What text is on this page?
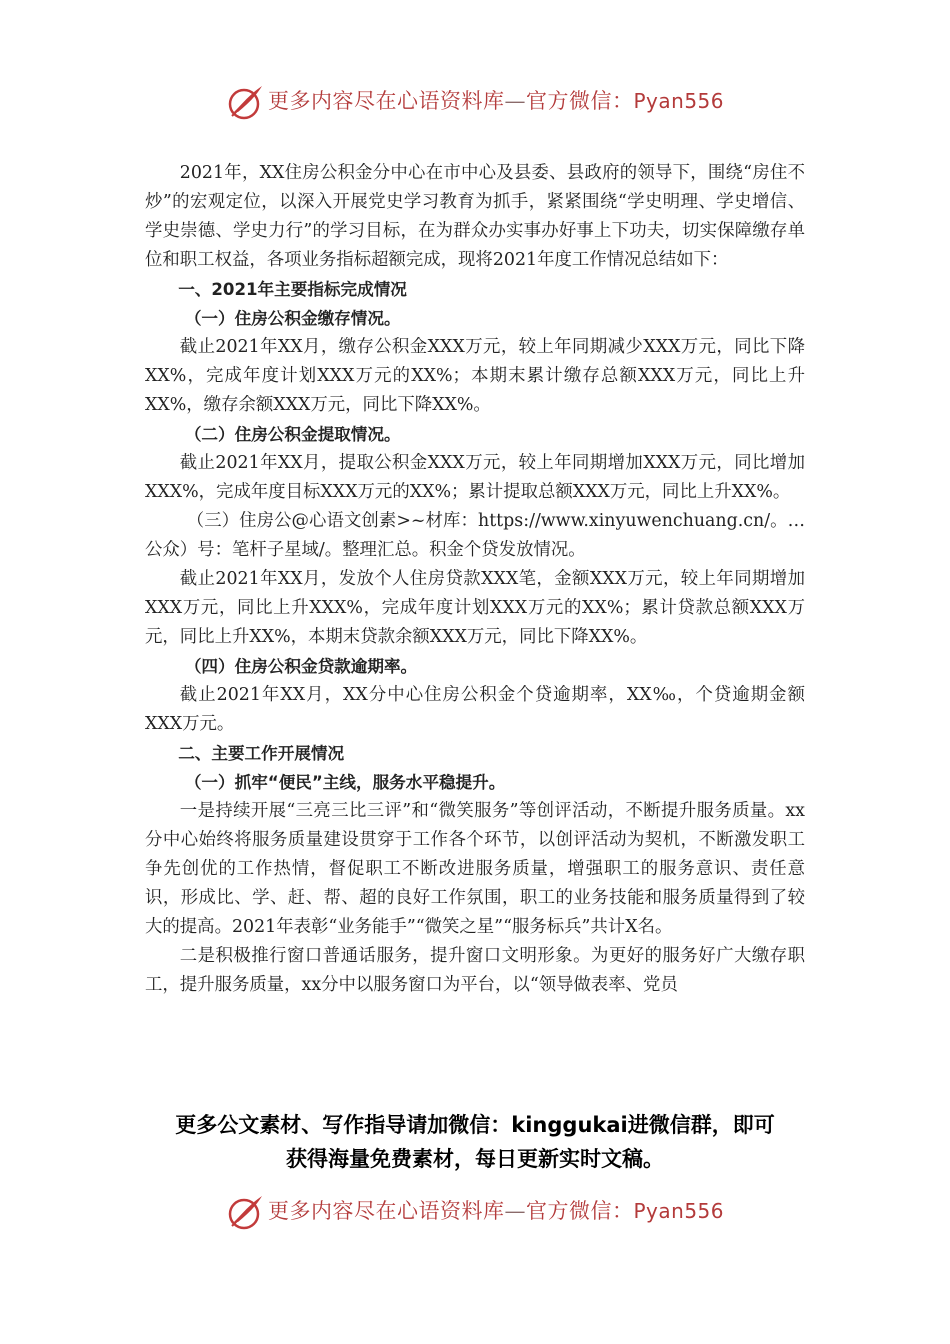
更多内容尽在心语资料库—官方微信：Pyan556

2021年，XX住房公积金分中心在市中心及县委、县政府的领导下，围绕“房住不炒”的宏观定位，以深入开展党史学习教育为抓手，紧紧围绕“学史明理、学史增信、学史崇德、学史力行”的学习目标，在为群众办实事办好事上下功夫，切实保障缴存单位和职工权益，各项业务指标超额完成，现将2021年度工作情况总结如下：

一、2021年主要指标完成情况

（一）住房公积金缴存情况。

截止2021年XX月，缴存公积金XXX万元，较上年同期减少XXX万元，同比下降XX%，完成年度计划XXX万元的XX%；本期末累计缴存总额XXX万元，同比上升XX%，缴存余额XXX万元，同比下降XX%。

（二）住房公积金提取情况。

截止2021年XX月，提取公积金XXX万元，较上年同期增加XXX万元，同比增加XXX%，完成年度目标XXX万元的XX%；累计提取总额XXX万元，同比上升XX%。

（三）住房公@心语文创素>~材库：https://www.xinyuwenchuang.cn/。…公众）号：笔杆子星域/。整理汇总。积金个贷发放情况。

截止2021年XX月，发放个人住房贷款XXX笔，金额XXX万元，较上年同期增加XXX万元，同比上升XXX%，完成年度计划XXX万元的XX%；累计贷款总额XXX万元，同比上升XX%，本期末贷款余额XXX万元，同比下降XX%。

（四）住房公积金贷款逾期率。

截止2021年XX月，XX分中心住房公积金个贷逾期率，XX‰，个贷逾期金额XXX万元。

二、主要工作开展情况

（一）抓牢“便民”主线，服务水平稳提升。

一是持续开展“三亮三比三评”和“微笑服务”等创评活动，不断提升服务质量。xx分中心始终将服务质量建设贯穿于工作各个环节，以创评活动为契机，不断激发职工争先创优的工作热情，督促职工不断改进服务质量，增强职工的服务意识、责任意识，形成比、学、赶、帮、超的良好工作氛围，职工的业务技能和服务质量得到了较大的提高。2021年表彰“业务能手”“微笑之星”“服务标兵”共计X名。

二是积极推行窗口普通话服务，提升窗口文明形象。为更好的服务好广大缴存职工，提升服务质量，xx分中以服务窗口为平台，以“领导做表率、党员

更多公文素材、写作指导请加微信：kinggukai进微信群，即可
获得海量免费素材，每日更新实时文稿。
更多内容尽在心语资料库—官方微信：Pyan556
